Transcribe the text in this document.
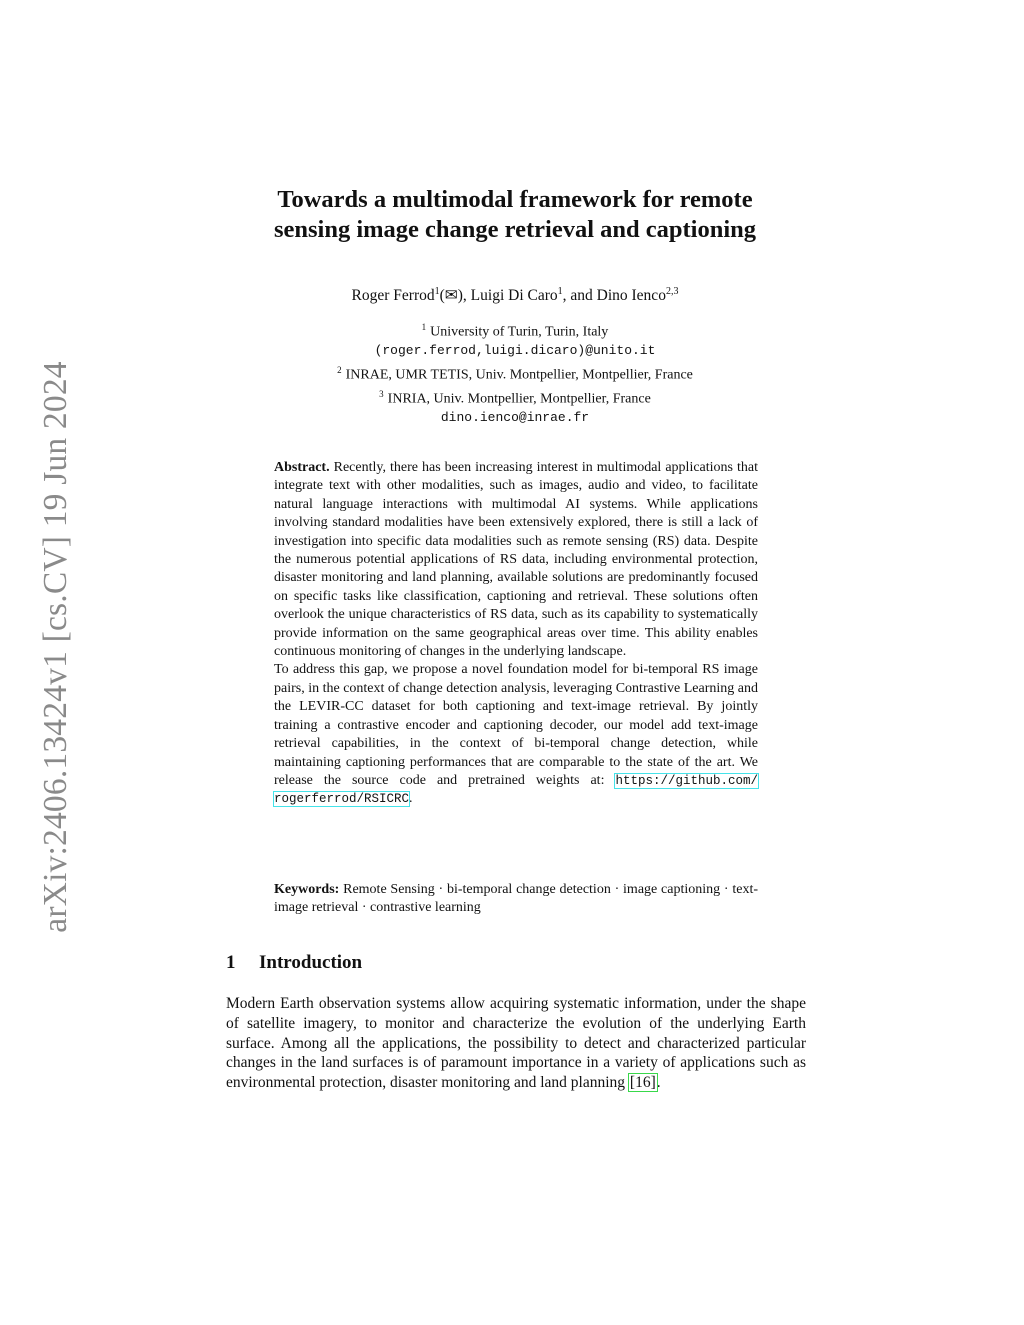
arXiv:2406.13424v1 [cs.CV] 19 Jun 2024
Towards a multimodal framework for remote
sensing image change retrieval and captioning
Roger Ferrod$^1$(✉), Luigi Di Caro$^1$, and Dino Ienco$^{2,3}$
$^1$ University of Turin, Turin, Italy
(roger.ferrod,luigi.dicaro)@unito.it
$^2$ INRAE, UMR TETIS, Univ. Montpellier, Montpellier, France
$^3$ INRIA, Univ. Montpellier, Montpellier, France
dino.ienco@inrae.fr

Abstract. Recently, there has been increasing interest in multimodal applications that integrate text with other modalities, such as images, audio and video, to facilitate natural language interactions with multimodal AI systems. While applications involving standard modalities have been extensively explored, there is still a lack of investigation into specific data modalities such as remote sensing (RS) data. Despite the numerous potential applications of RS data, including environmental protection, disaster monitoring and land planning, available solutions are predominantly focused on specific tasks like classification, captioning and retrieval. These solutions often overlook the unique characteristics of RS data, such as its capability to systematically provide information on the same geographical areas over time. This ability enables continuous monitoring of changes in the underlying landscape.

To address this gap, we propose a novel foundation model for bi-temporal RS image pairs, in the context of change detection analysis, leveraging Contrastive Learning and the LEVIR-CC dataset for both captioning and text-image retrieval. By jointly training a contrastive encoder and captioning decoder, our model add text-image retrieval capabilities, in the context of bi-temporal change detection, while maintaining captioning performances that are comparable to the state of the art. We release the source code and pretrained weights at: https://github.com/ rogerferrod/RSICRC.

Keywords: Remote Sensing · bi-temporal change detection · image captioning · text-image retrieval · contrastive learning
1 Introduction

Modern Earth observation systems allow acquiring systematic information, under the shape of satellite imagery, to monitor and characterize the evolution of the underlying Earth surface. Among all the applications, the possibility to detect and characterized particular changes in the land surfaces is of paramount importance in a variety of applications such as environmental protection, disaster monitoring and land planning [16].
